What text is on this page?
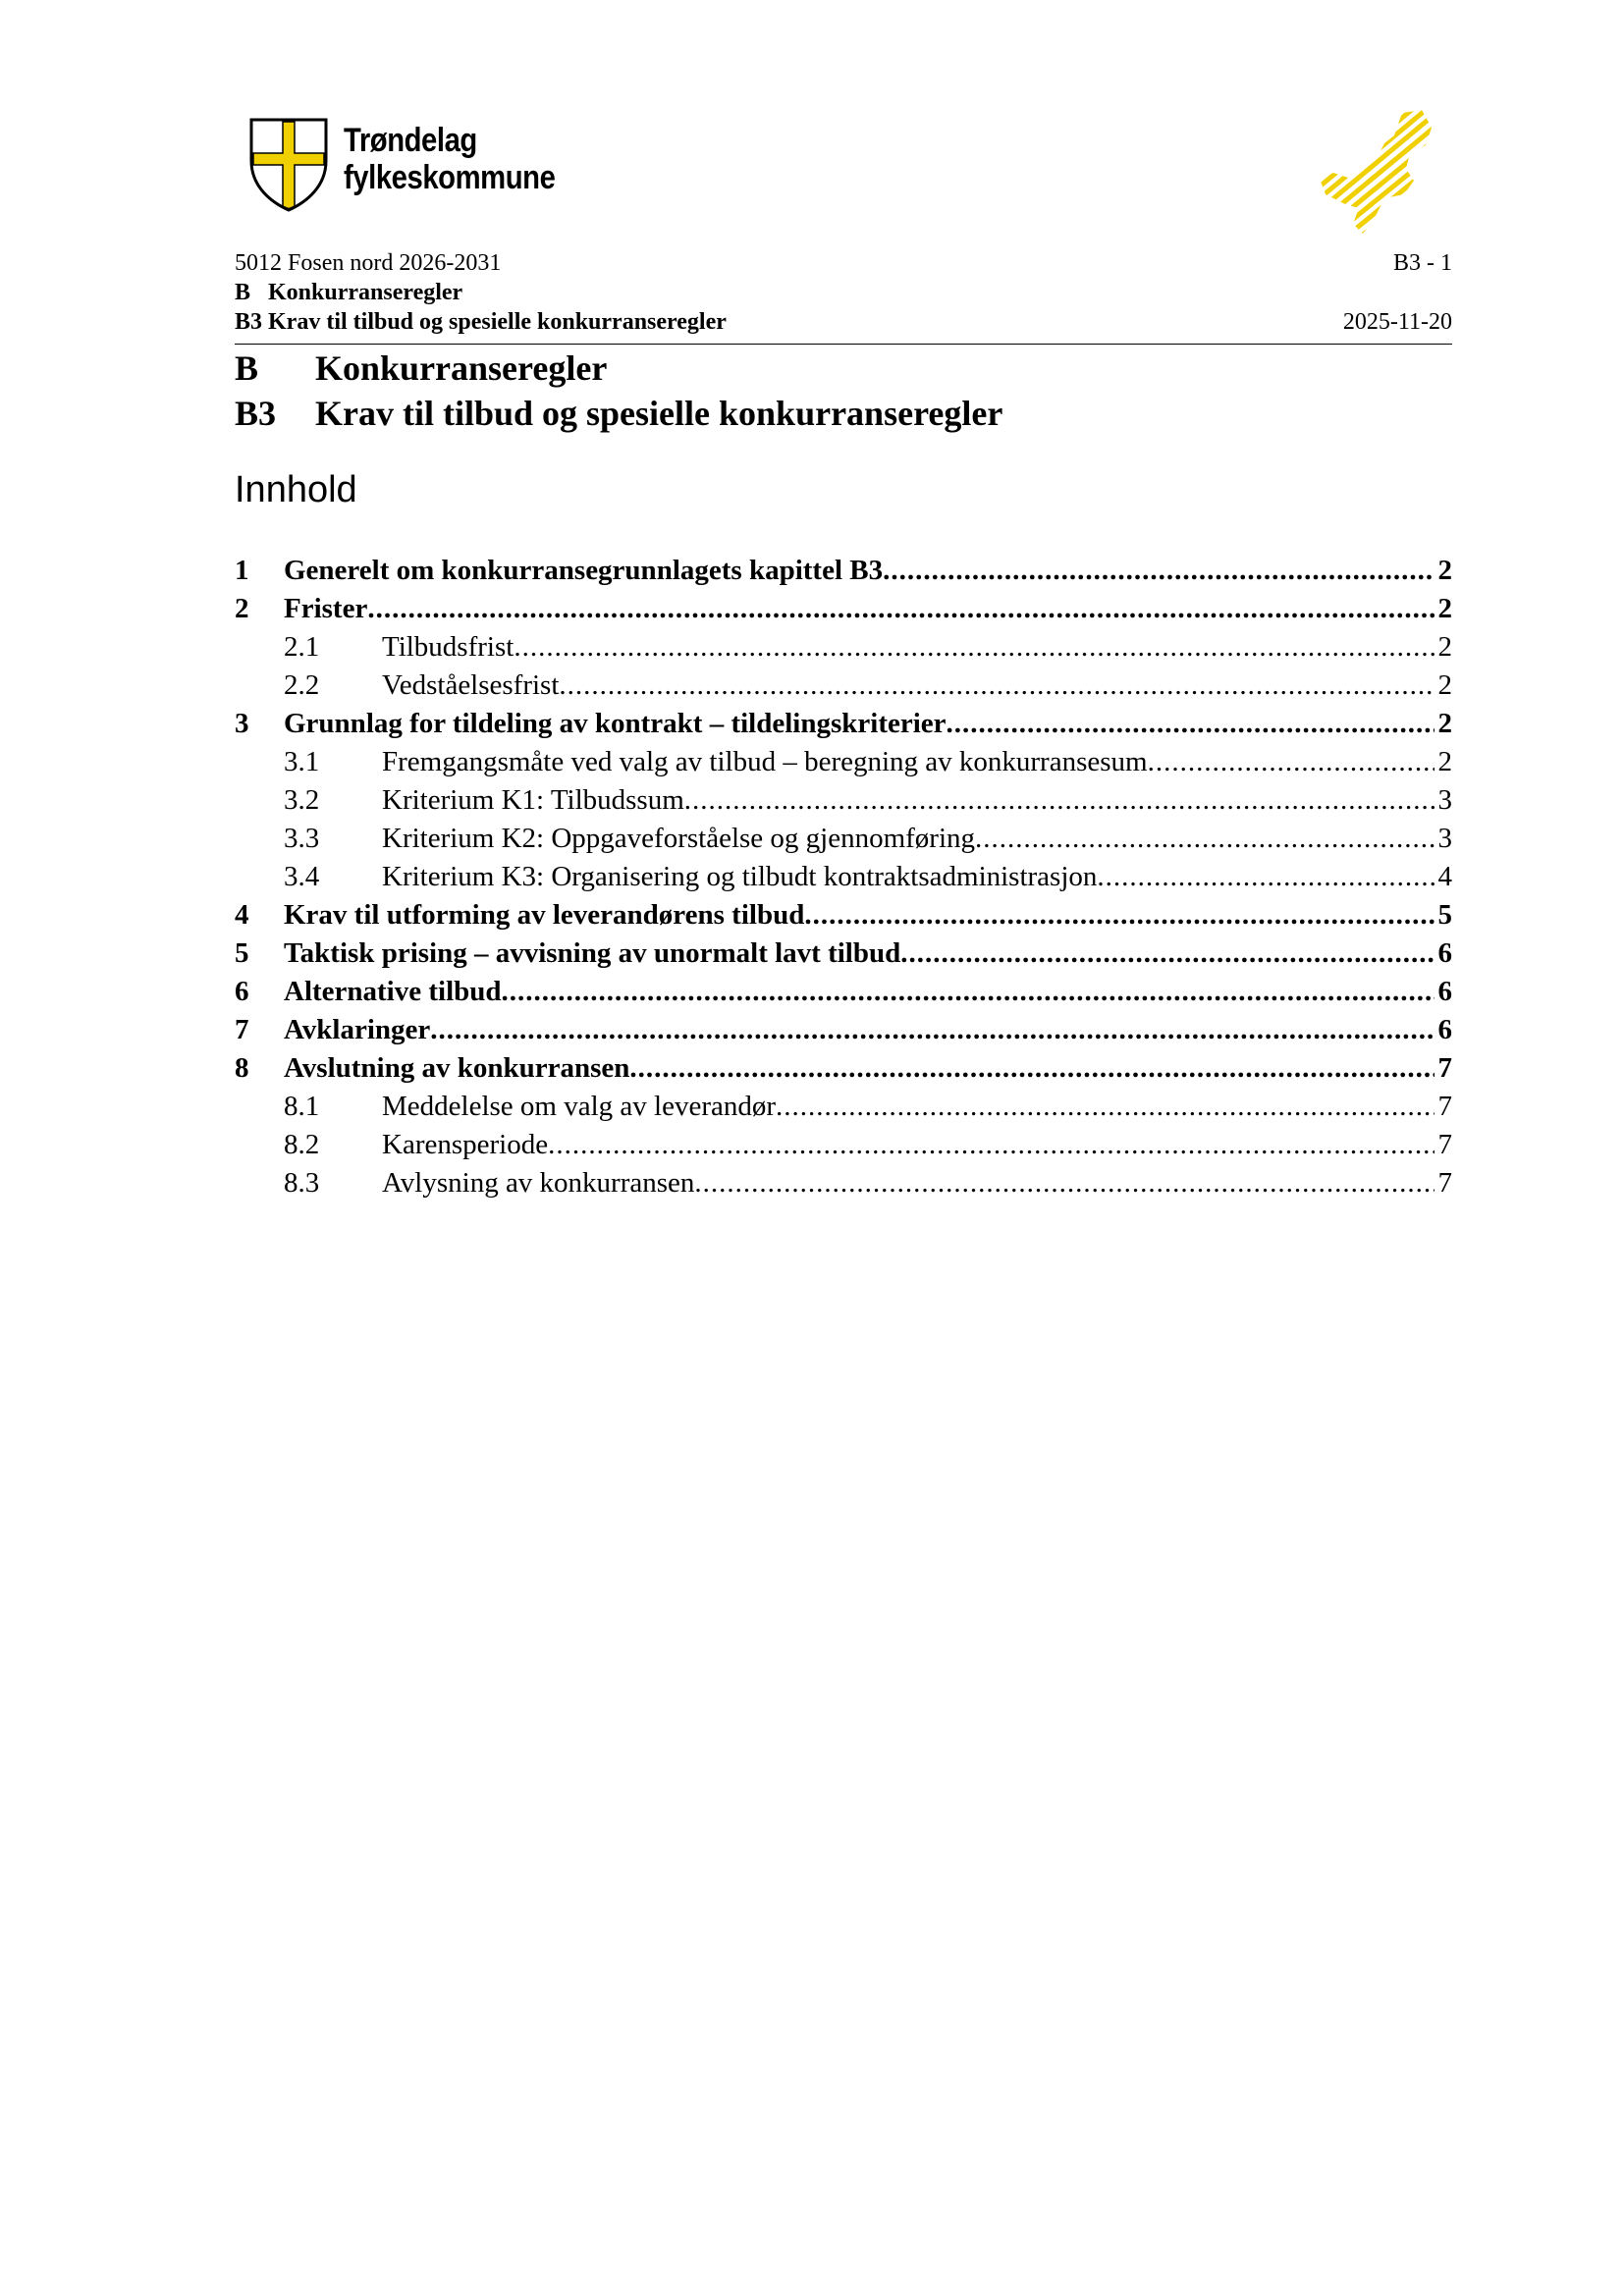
Trøndelag
fylkeskommune
5012 Fosen nord 2026-2031	B3 - 1
B   Konkurranseregler
B3 Krav til tilbud og spesielle konkurranseregler	2025-11-20
B Konkurranseregler
B3 Krav til tilbud og spesielle konkurranseregler
Innhold
1	Generelt om konkurransegrunnlagets kapittel B3 .....	2
2	Frister .....	2
2.1	Tilbudsfrist .....	2
2.2	Vedståelsesfrist .....	2
3	Grunnlag for tildeling av kontrakt – tildelingskriterier .....	2
3.1	Fremgangsmåte ved valg av tilbud – beregning av konkurransesum .....	2
3.2	Kriterium K1: Tilbudssum .....	3
3.3	Kriterium K2: Oppgaveforståelse og gjennomføring .....	3
3.4	Kriterium K3: Organisering og tilbudt kontraktsadministrasjon .....	4
4	Krav til utforming av leverandørens tilbud .....	5
5	Taktisk prising – avvisning av unormalt lavt tilbud .....	6
6	Alternative tilbud .....	6
7	Avklaringer .....	6
8	Avslutning av konkurransen .....	7
8.1	Meddelelse om valg av leverandør .....	7
8.2	Karensperiode .....	7
8.3	Avlysning av konkurransen .....	7
